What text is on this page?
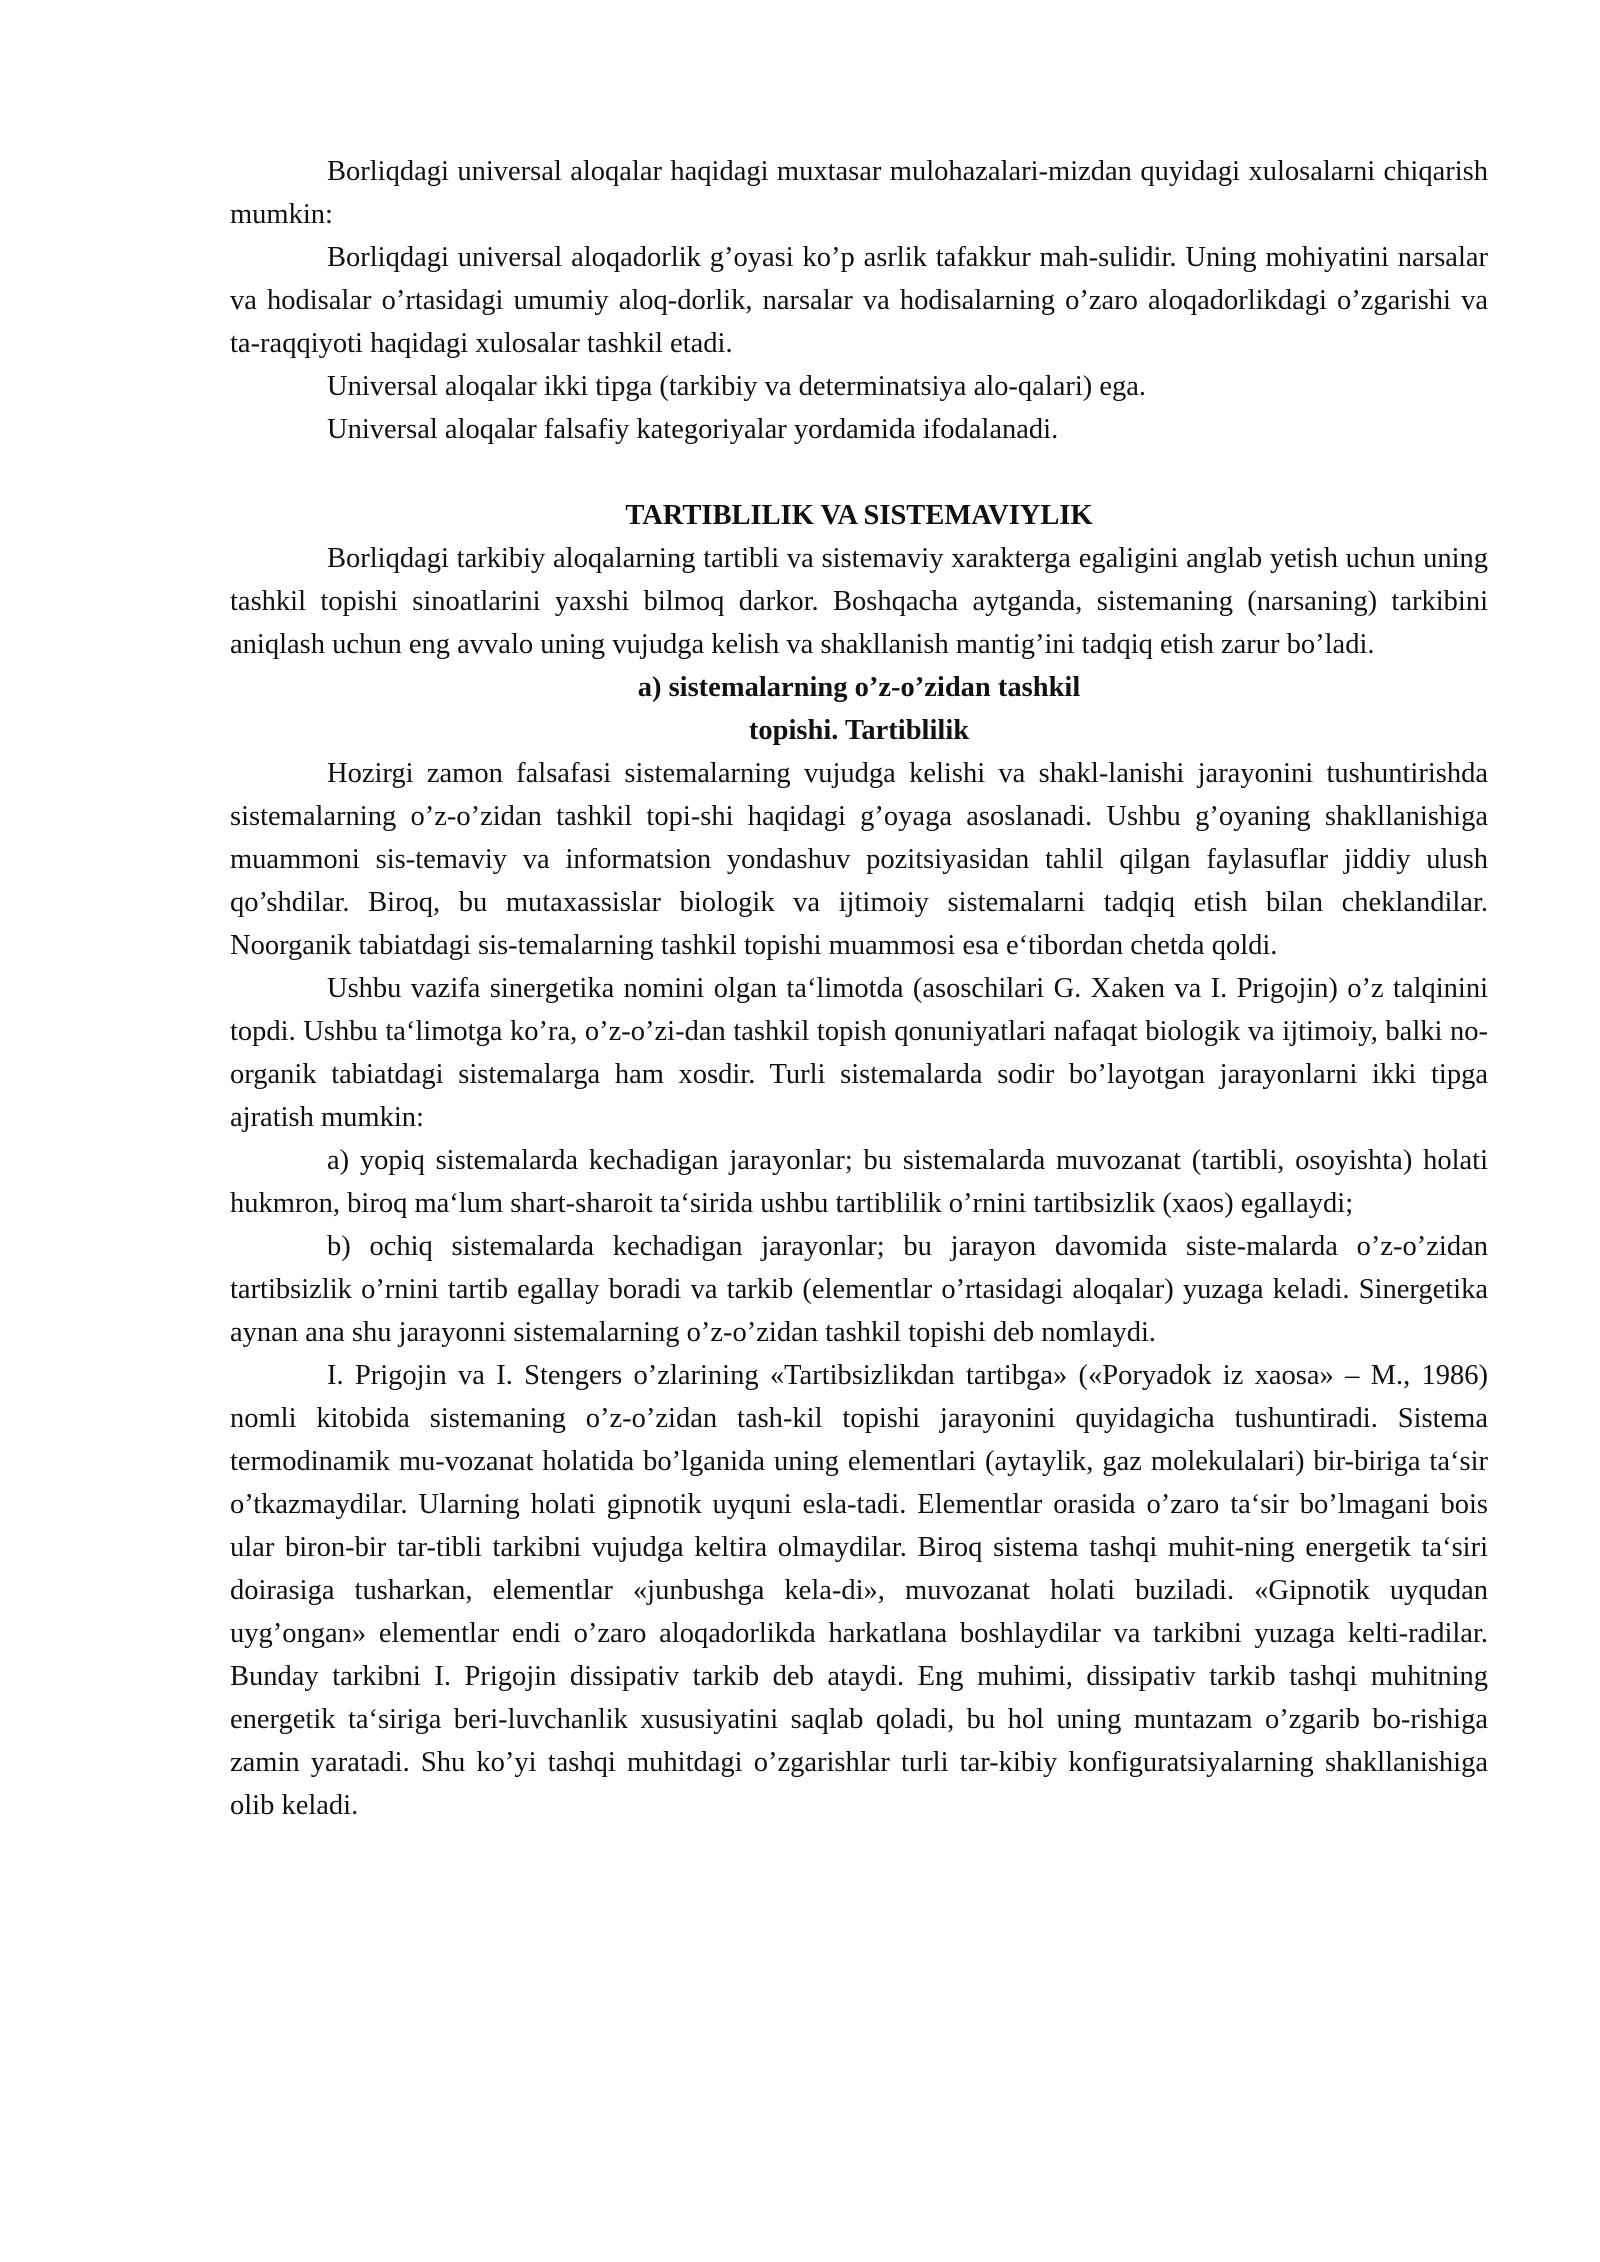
Borliqdagi universal aloqalar haqidagi muxtasar mulohazalari-mizdan quyidagi xulosalarni chiqarish mumkin:

Borliqdagi universal aloqadorlik g’oyasi ko’p asrlik tafakkur mah-sulidir. Uning mohiyatini narsalar va hodisalar o’rtasidagi umumiy aloq-dorlik, narsalar va hodisalarning o’zaro aloqadorlikdagi o’zgarishi va ta-raqqiyoti haqidagi xulosalar tashkil etadi.

Universal aloqalar ikki tipga (tarkibiy va determinatsiya alo-qalari) ega.

Universal aloqalar falsafiy kategoriyalar yordamida ifodalanadi.

TARTIBLILIK VA SISTEMAVIYLIK

Borliqdagi tarkibiy aloqalarning tartibli va sistemaviy xarakterga egaligini anglab yetish uchun uning tashkil topishi sinoatlarini yaxshi bilmoq darkor. Boshqacha aytganda, sistemaning (narsaning) tarkibini aniqlash uchun eng avvalo uning vujudga kelish va shakllanish mantig’ini tadqiq etish zarur bo’ladi.

a) sistemalarning o’z-o’zidan tashkil

topishi. Tartiblilik

Hozirgi zamon falsafasi sistemalarning vujudga kelishi va shakl-lanishi jarayonini tushuntirishda sistemalarning o’z-o’zidan tashkil topi-shi haqidagi g’oyaga asoslanadi. Ushbu g’oyaning shakllanishiga muammoni sis-temaviy va informatsion yondashuv pozitsiyasidan tahlil qilgan faylasuflar jiddiy ulush qo’shdilar. Biroq, bu mutaxassislar biologik va ijtimoiy sistemalarni tadqiq etish bilan cheklandilar. Noorganik tabiatdagi sis-temalarning tashkil topishi muammosi esa e‘tibordan chetda qoldi.

Ushbu vazifa sinergetika nomini olgan ta‘limotda (asoschilari G. Xaken va I. Prigojin) o’z talqinini topdi. Ushbu ta‘limotga ko’ra, o’z-o’zi-dan tashkil topish qonuniyatlari nafaqat biologik va ijtimoiy, balki no-organik tabiatdagi sistemalarga ham xosdir. Turli sistemalarda sodir bo’layotgan jarayonlarni ikki tipga ajratish mumkin:

a) yopiq sistemalarda kechadigan jarayonlar; bu sistemalarda muvozanat (tartibli, osoyishta) holati hukmron, biroq ma‘lum shart-sharoit ta‘sirida ushbu tartiblilik o’rnini tartibsizlik (xaos) egallaydi;

b) ochiq sistemalarda kechadigan jarayonlar; bu jarayon davomida siste-malarda o’z-o’zidan tartibsizlik o’rnini tartib egallay boradi va tarkib (elementlar o’rtasidagi aloqalar) yuzaga keladi. Sinergetika aynan ana shu jarayonni sistemalarning o’z-o’zidan tashkil topishi deb nomlaydi.

I. Prigojin va I. Stengers o’zlarining «Tartibsizlikdan tartibga» («Poryadok iz xaosa» – M., 1986) nomli kitobida sistemaning o’z-o’zidan tash-kil topishi jarayonini quyidagicha tushuntiradi. Sistema termodinamik mu-vozanat holatida bo’lganida uning elementlari (aytaylik, gaz molekulalari) bir-biriga ta‘sir o’tkazmaydilar. Ularning holati gipnotik uyquni esla-tadi. Elementlar orasida o’zaro ta‘sir bo’lmagani bois ular biron-bir tar-tibli tarkibni vujudga keltira olmaydilar. Biroq sistema tashqi muhit-ning energetik ta‘siri doirasiga tusharkan, elementlar «junbushga kela-di», muvozanat holati buziladi. «Gipnotik uyqudan uyg’ongan» elementlar endi o’zaro aloqadorlikda harkatlana boshlaydilar va tarkibni yuzaga kelti-radilar. Bunday tarkibni I. Prigojin dissipativ tarkib deb ataydi. Eng muhimi, dissipativ tarkib tashqi muhitning energetik ta‘siriga beri-luvchanlik xususiyatini saqlab qoladi, bu hol uning muntazam o’zgarib bo-rishiga zamin yaratadi. Shu ko’yi tashqi muhitdagi o’zgarishlar turli tar-kibiy konfiguratsiyalarning shakllanishiga olib keladi.
